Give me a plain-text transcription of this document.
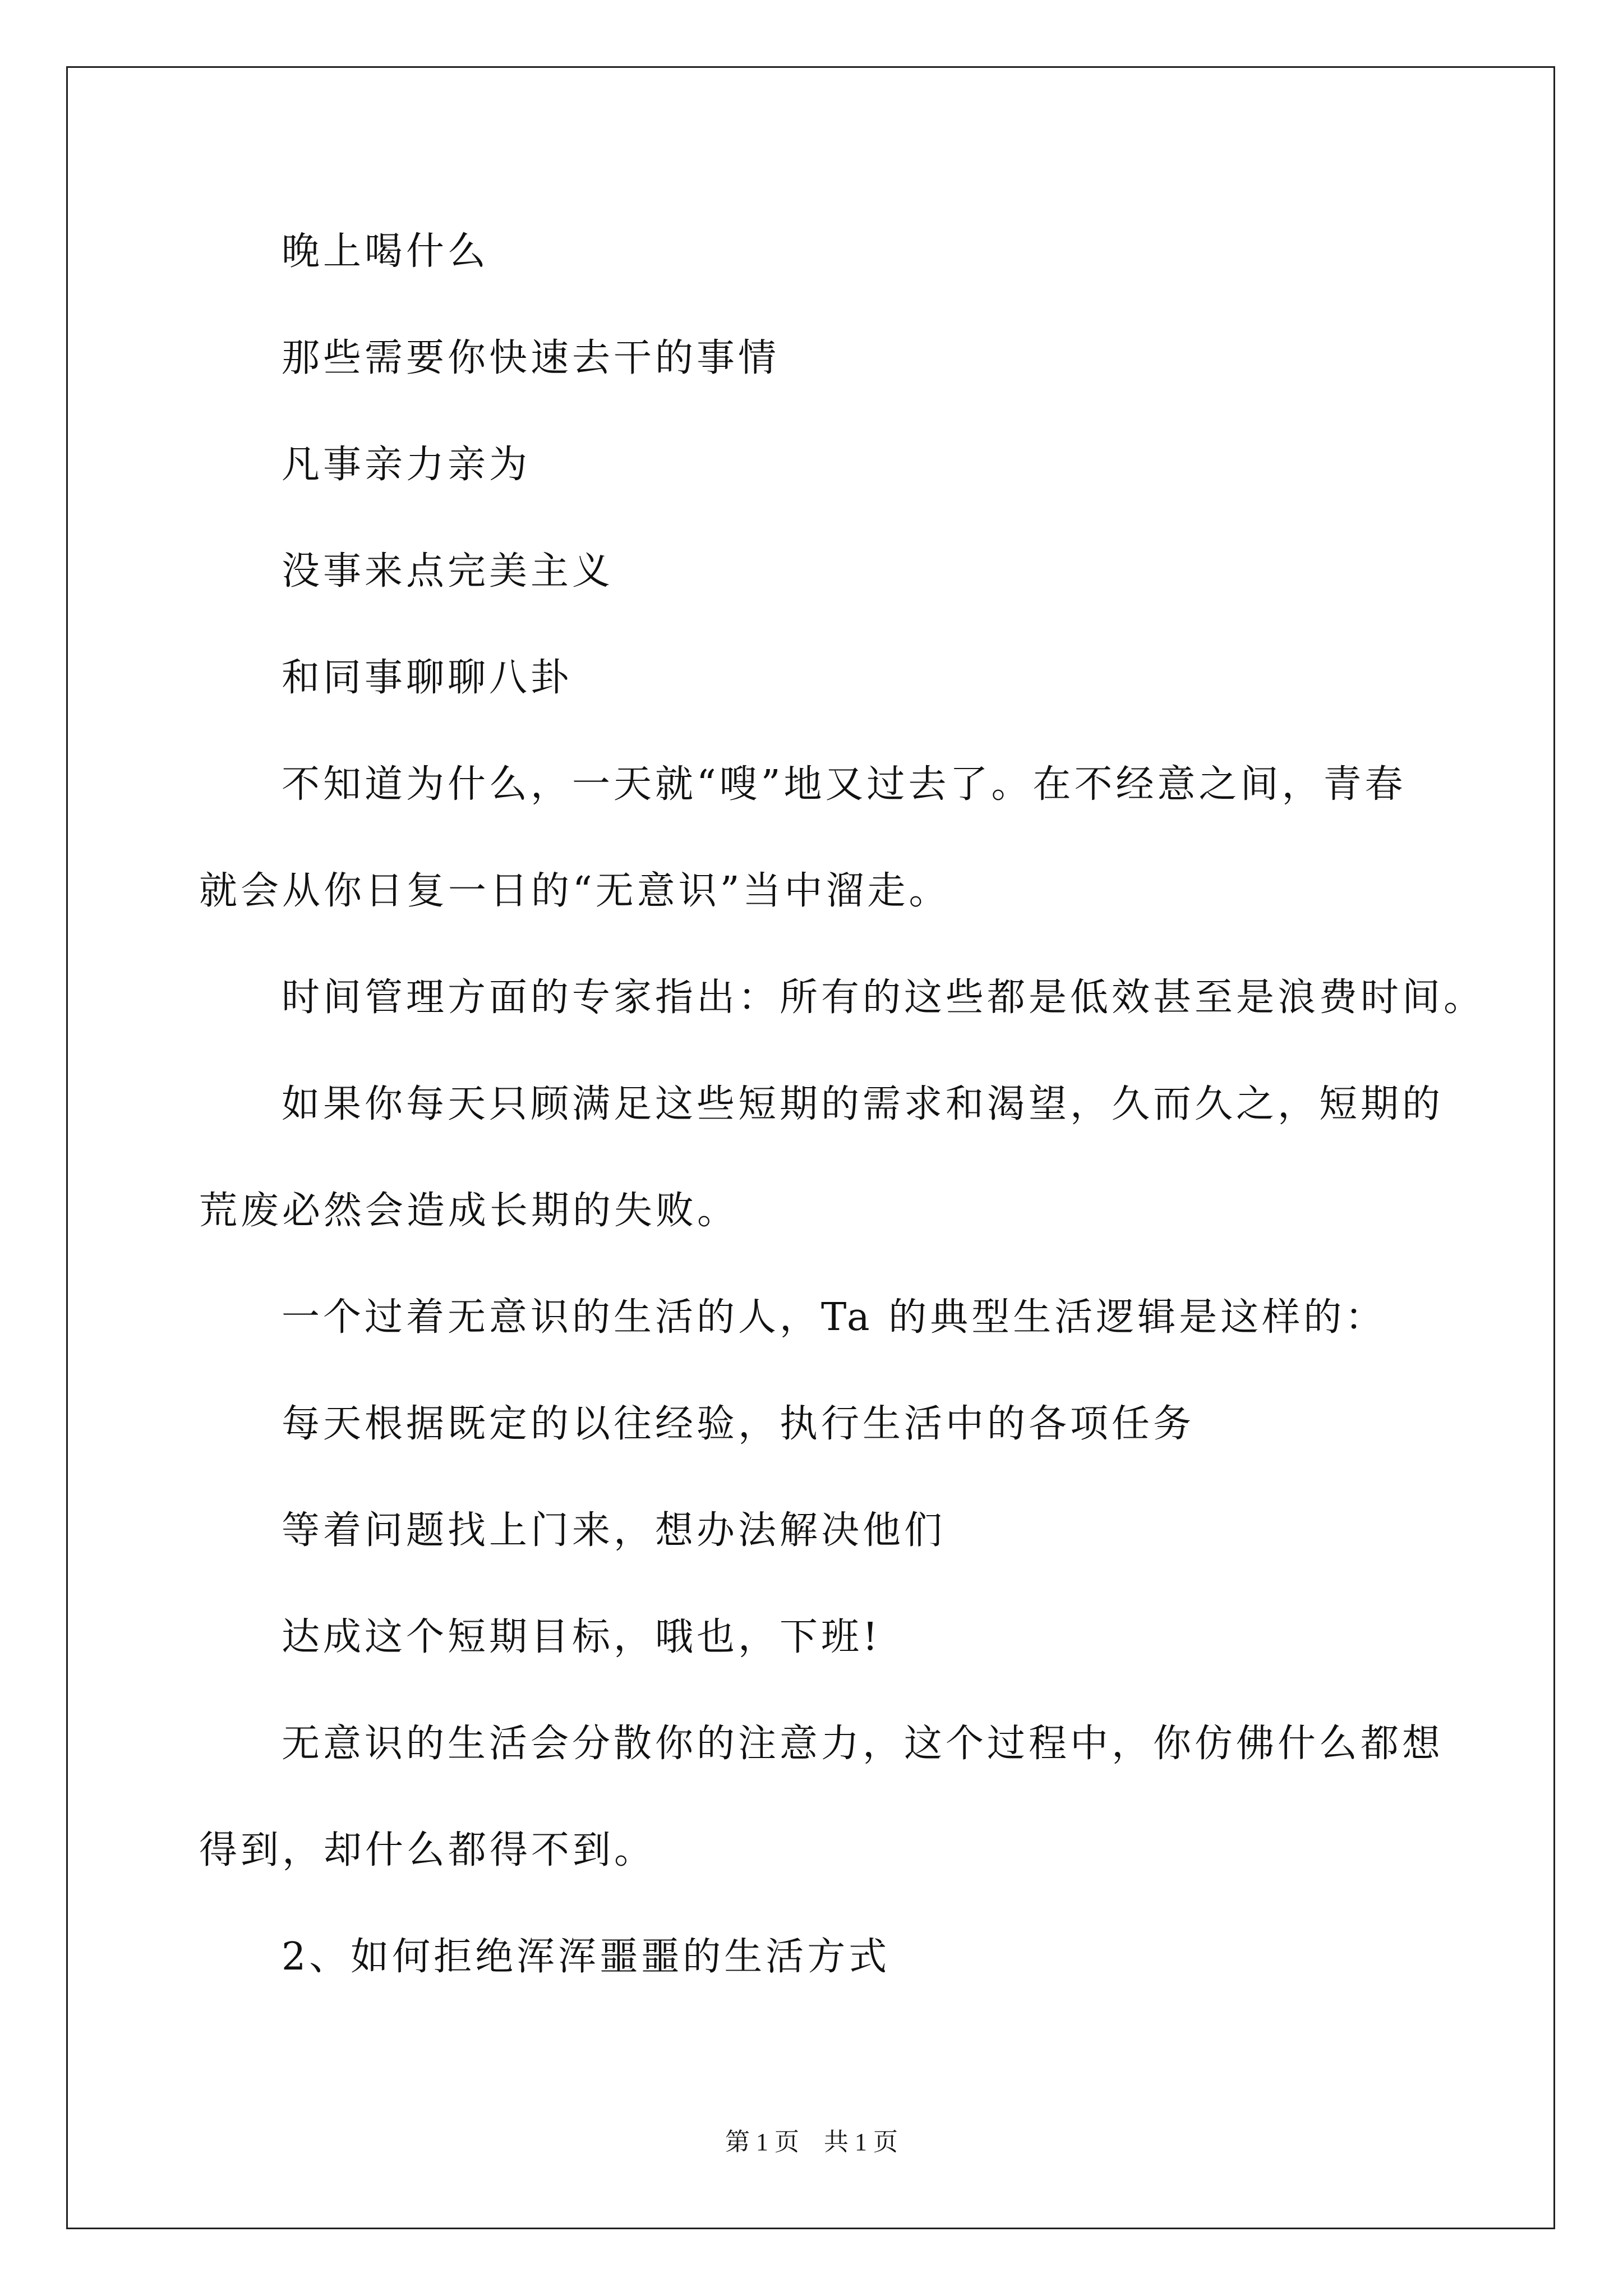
晚上喝什么
那些需要你快速去干的事情
凡事亲力亲为
没事来点完美主义
和同事聊聊八卦
不知道为什么，一天就“嗖”地又过去了。在不经意之间，青春
就会从你日复一日的“无意识”当中溜走。
时间管理方面的专家指出：所有的这些都是低效甚至是浪费时间。
如果你每天只顾满足这些短期的需求和渴望，久而久之，短期的
荒废必然会造成长期的失败。
一个过着无意识的生活的人，Ta 的典型生活逻辑是这样的：
每天根据既定的以往经验，执行生活中的各项任务
等着问题找上门来，想办法解决他们
达成这个短期目标，哦也，下班!
无意识的生活会分散你的注意力，这个过程中，你仿佛什么都想
得到，却什么都得不到。
2、如何拒绝浑浑噩噩的生活方式
第 1 页　共 1 页
